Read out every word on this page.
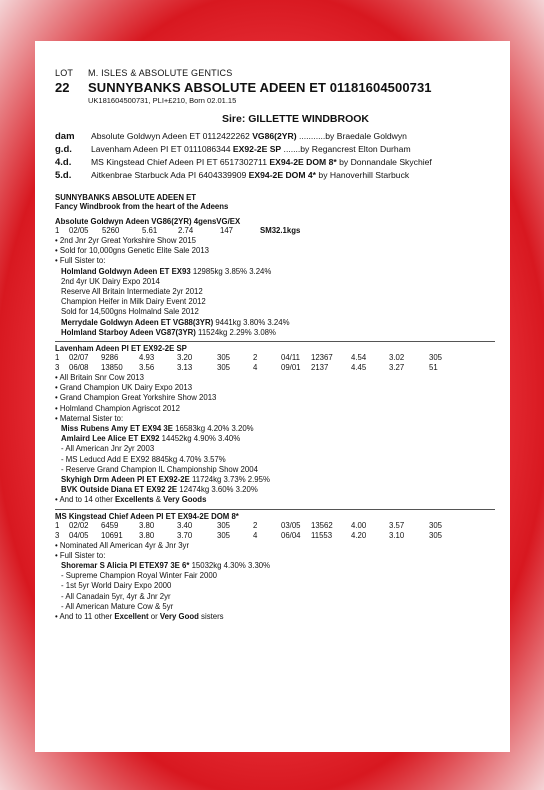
LOT	M. ISLES & ABSOLUTE GENTICS
22	SUNNYBANKS ABSOLUTE ADEEN ET 01181604500731
UK181604500731, PLI+£210, Born 02.01.15
Sire: GILLETTE WINDBROOK
dam	Absolute Goldwyn Adeen ET 0112422262 VG86(2YR) ...........by Braedale Goldwyn
g.d.	Lavenham Adeen PI ET 0111086344 EX92-2E SP .......by Regancrest Elton Durham
4.d.	MS Kingstead Chief Adeen PI ET 6517302711 EX94-2E DOM 8* by Donnandale Skychief
5.d.	Aitkenbrae Starbuck Ada PI 6404339909 EX94-2E DOM 4* by Hanoverhill Starbuck
SUNNYBANKS ABSOLUTE ADEEN ET
Fancy Windbrook from the heart of the Adeens
Absolute Goldwyn Adeen VG86(2YR) 4gensVG/EX
1	02/05	5260	5.61	2.74	147	SM32.1kgs
• 2nd Jnr 2yr Great Yorkshire Show 2015
• Sold for 10,000gns Genetic Elite Sale 2013
• Full Sister to:
Holmland Goldwyn Adeen ET EX93 12985kg 3.85% 3.24%
2nd 4yr UK Dairy Expo 2014
Reserve All Britain Intermediate 2yr 2012
Champion Heifer in Milk Dairy Event 2012
Sold for 14,500gns Holmalnd Sale 2012
Merrydale Goldwyn Adeen ET VG88(3YR) 9441kg 3.80% 3.24%
Holmland Starboy Adeen VG87(3YR) 11524kg 2.29% 3.08%
Lavenham Adeen PI ET EX92-2E SP
1	02/07	9286	4.93	3.20	305	2	04/11	12367	4.54	3.02	305
3	06/08	13850	3.56	3.13	305	4	09/01	2137	4.45	3.27	51
• All Britain Snr Cow 2013
• Grand Champion UK Dairy Expo 2013
• Grand Champion Great Yorkshire Show 2013
• Holmland Champion Agriscot 2012
• Maternal Sister to:
Miss Rubens Amy ET EX94 3E 16583kg 4.20% 3.20%
Amlaird Lee Alice ET EX92 14452kg 4.90% 3.40%
- All American Jnr 2yr 2003
- MS Leducd Add E EX92 8845kg 4.70% 3.57%
- Reserve Grand Champion IL Championship Show 2004
Skyhigh Drm Adeen PI ET EX92-2E 11724kg 3.73% 2.95%
BVK Outside Diana ET EX92 2E 12474kg 3.60% 3.20%
• And to 14 other Excellents & Very Goods
MS Kingstead Chief Adeen PI ET EX94-2E DOM 8*
1	02/02	6459	3.80	3.40	305	2	03/05	13562	4.00	3.57	305
3	04/05	10691	3.80	3.70	305	4	06/04	11553	4.20	3.10	305
• Nominated All American 4yr & Jnr 3yr
• Full Sister to:
Shoremar S Alicia PI ETEX97 3E 6* 15032kg 4.30% 3.30%
- Supreme Champion Royal Winter Fair 2000
- 1st 5yr World Dairy Expo 2000
- All Canadain 5yr, 4yr & Jnr 2yr
- All American Mature Cow & 5yr
• And to 11 other Excellent or Very Good sisters
